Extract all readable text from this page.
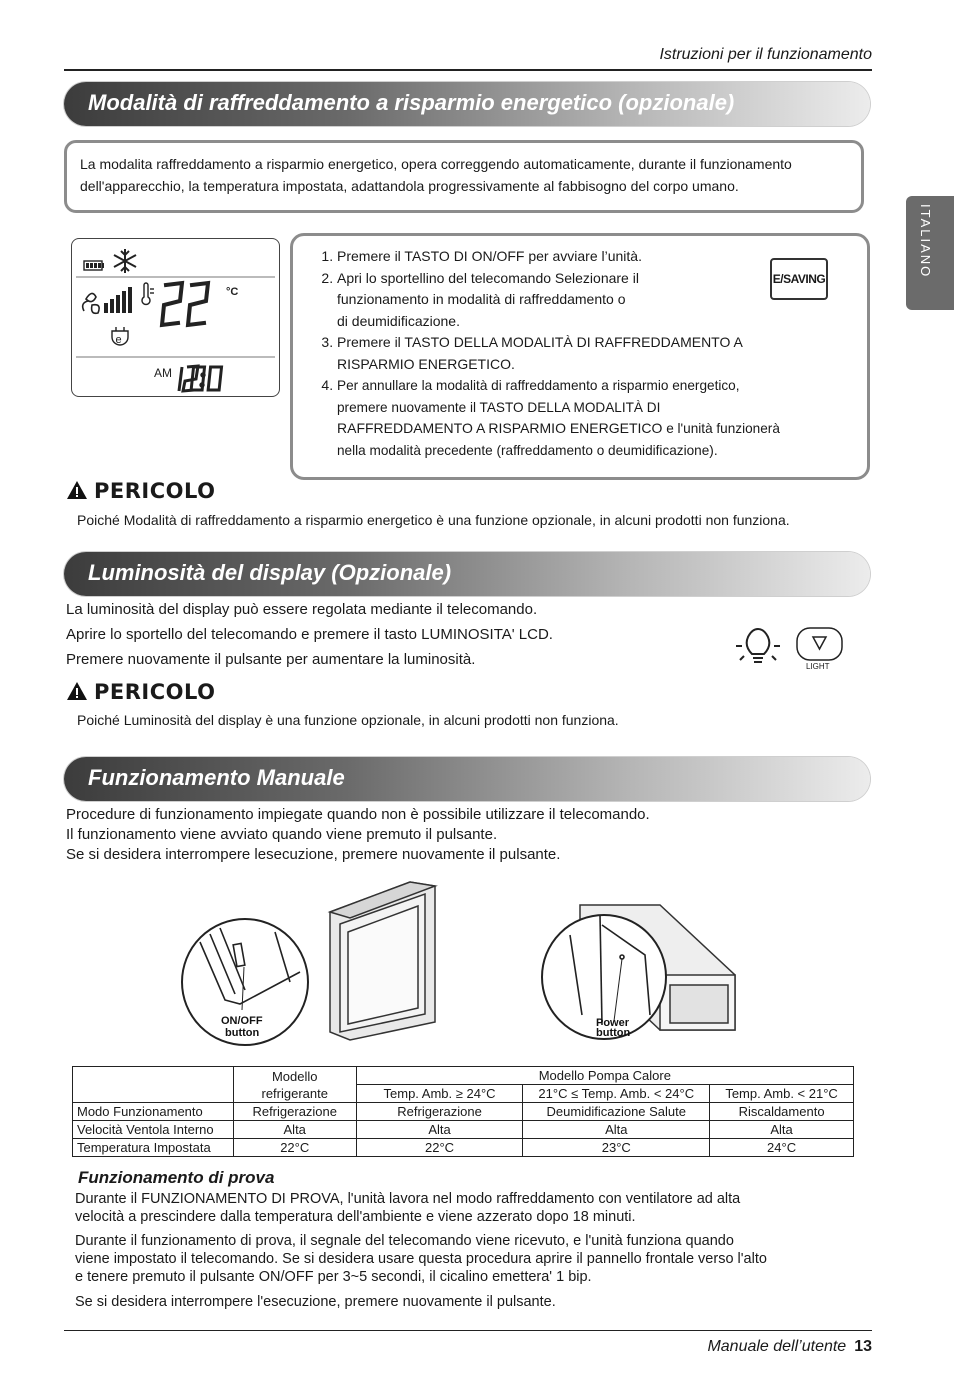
Istruzioni per il funzionamento
ITALIANO
Modalità di raffreddamento a risparmio energetico (opzionale)
La modalita raffreddamento a risparmio energetico, opera correggendo automaticamente, durante il funzionamento
dell'apparecchio, la temperatura impostata, adattandola progressivamente al fabbisogno del corpo umano.
°C
e
AM
1. Premere il TASTO DI ON/OFF per avviare l’unità.
2. Apri lo sportellino del telecomando Selezionare il
funzionamento in modalità di raffreddamento o
di deumidificazione.
3. Premere il TASTO DELLA MODALITÀ DI RAFFREDDAMENTO A
RISPARMIO ENERGETICO.
4. Per annullare la modalità di raffreddamento a risparmio energetico,
premere nuovamente il TASTO DELLA MODALITÀ DI
RAFFREDDAMENTO A RISPARMIO ENERGETICO e l'unità funzionerà
nella modalità precedente (raffreddamento o deumidificazione).
E/SAVING
PERICOLO
Poiché Modalità di raffreddamento a risparmio energetico è una funzione opzionale, in alcuni prodotti non funziona.
Luminosità del display (Opzionale)
La luminosità del display può essere regolata mediante il telecomando.
Aprire lo sportello del telecomando e premere il tasto LUMINOSITA' LCD.
Premere nuovamente il pulsante per aumentare la luminosità.	LIGHT
PERICOLO
Poiché Luminosità del display è una funzione opzionale, in alcuni prodotti non funziona.
Funzionamento Manuale
Procedure di funzionamento impiegate quando non è possibile utilizzare il telecomando.
Il funzionamento viene avviato quando viene premuto il pulsante.
Se si desidera interrompere lesecuzione, premere nuovamente il pulsante.
ON/OFF
button
Power
button
	Modello
refrigerante	Modello Pompa Calore		
		Temp. Amb. ≥ 24°C	21°C ≤ Temp. Amb. < 24°C	Temp. Amb. < 21°C
Modo Funzionamento	Refrigerazione	Refrigerazione	Deumidificazione Salute	Riscaldamento
Velocità Ventola Interno	Alta	Alta	Alta	Alta
Temperatura Impostata	22°C	22°C	23°C	24°C
Funzionamento di prova
Durante il FUNZIONAMENTO DI PROVA, l'unità lavora nel modo raffreddamento con ventilatore ad alta
velocità a prescindere dalla temperatura dell'ambiente e viene azzerato dopo 18 minuti.
Durante il funzionamento di prova, il segnale del telecomando viene ricevuto, e l'unità funziona quando
viene impostato il telecomando. Se si desidera usare questa procedura aprire il pannello frontale verso l'alto
e tenere premuto il pulsante ON/OFF per 3~5 secondi, il cicalino emettera' 1 bip.
Se si desidera interrompere l'esecuzione, premere nuovamente il pulsante.
Manuale dell’utente 13
